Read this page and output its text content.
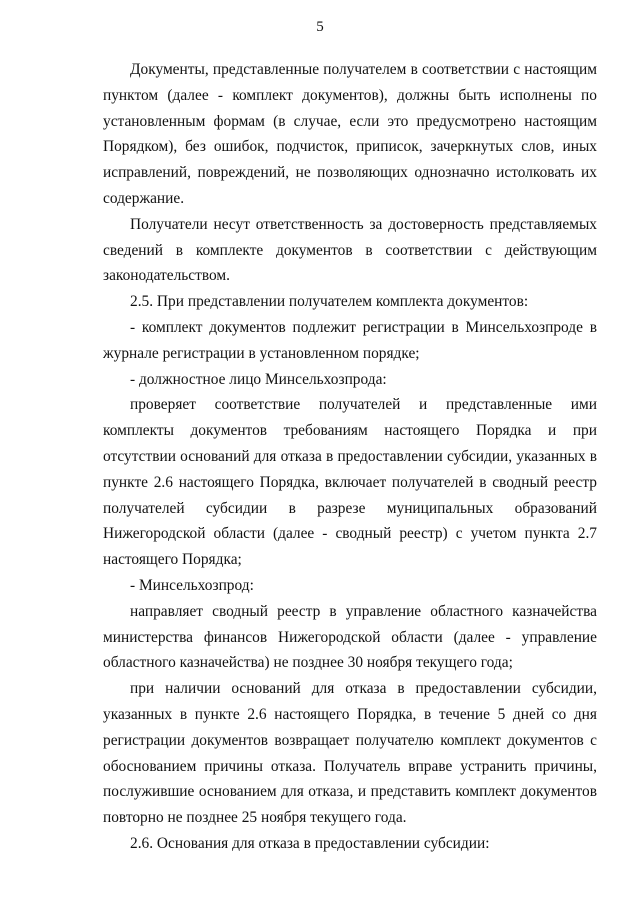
5

Документы, представленные получателем в соответствии с настоящим пунктом (далее - комплект документов), должны быть исполнены по установленным формам (в случае, если это предусмотрено настоящим Порядком), без ошибок, подчисток, приписок, зачеркнутых слов, иных исправлений, повреждений, не позволяющих однозначно истолковать их содержание.

Получатели несут ответственность за достоверность представляемых сведений в комплекте документов в соответствии с действующим законодательством.

2.5. При представлении получателем комплекта документов:

- комплект документов подлежит регистрации в Минсельхозпроде в журнале регистрации в установленном порядке;

- должностное лицо Минсельхозпрода:

проверяет соответствие получателей и представленные ими комплекты документов требованиям настоящего Порядка и при отсутствии оснований для отказа в предоставлении субсидии, указанных в пункте 2.6 настоящего Порядка, включает получателей в сводный реестр получателей субсидии в разрезе муниципальных образований Нижегородской области (далее - сводный реестр) с учетом пункта 2.7 настоящего Порядка;

- Минсельхозпрод:

направляет сводный реестр в управление областного казначейства министерства финансов Нижегородской области (далее - управление областного казначейства) не позднее 30 ноября текущего года;

при наличии оснований для отказа в предоставлении субсидии, указанных в пункте 2.6 настоящего Порядка, в течение 5 дней со дня регистрации документов возвращает получателю комплект документов с обоснованием причины отказа. Получатель вправе устранить причины, послужившие основанием для отказа, и представить комплект документов повторно не позднее 25 ноября текущего года.

2.6. Основания для отказа в предоставлении субсидии:
